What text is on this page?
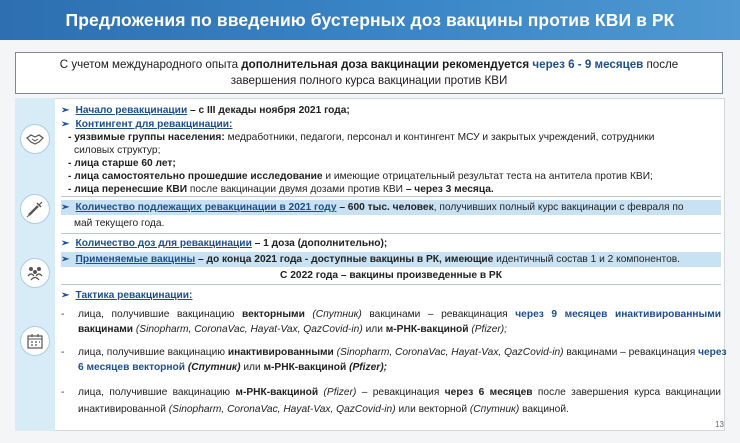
Предложения по введению бустерных доз вакцины против КВИ в РК
С учетом международного опыта дополнительная доза вакцинации рекомендуется через 6 - 9 месяцев после
завершения полного курса вакцинации против КВИ
➢ Начало ревакцинации – с III декады ноября 2021 года;
➢ Контингент для ревакцинации:
- уязвимые группы населения: медработники, педагоги, персонал и контингент МСУ и закрытых учреждений, сотрудники
силовых структур;
- лица старше 60 лет;
- лица самостоятельно прошедшие исследование и имеющие отрицательный результат теста на антитела против КВИ;
- лица перенесшие КВИ после вакцинации двумя дозами против КВИ – через 3 месяца.
➢ Количество подлежащих ревакцинации в 2021 году – 600 тыс. человек, получивших полный курс вакцинации с февраля по
май текущего года.
➢ Количество доз для ревакцинации – 1 доза (дополнительно);
➢ Применяемые вакцины – до конца 2021 года - доступные вакцины в РК, имеющие идентичный состав 1 и 2 компонентов.
С 2022 года – вакцины произведенные в РК
➢ Тактика ревакцинации:
- лица, получившие вакцинацию векторными (Спутник) вакцинами – ревакцинация через 9 месяцев инактивированными
вакцинами (Sinopharm, CoronaVac, Hayat-Vax, QazCovid-in) или м-РНК-вакциной (Pfizer);
- лица, получившие вакцинацию инактивированными (Sinopharm, CoronaVac, Hayat-Vax, QazCovid-in) вакцинами – ревакцинация через
6 месяцев векторной (Спутник) или м-РНК-вакциной (Pfizer);
- лица, получившие вакцинацию м-РНК-вакциной (Pfizer) – ревакцинация через 6 месяцев после завершения курса вакцинации
инактивированной (Sinopharm, CoronaVac, Hayat-Vax, QazCovid-in) или векторной (Спутник) вакциной.
13
